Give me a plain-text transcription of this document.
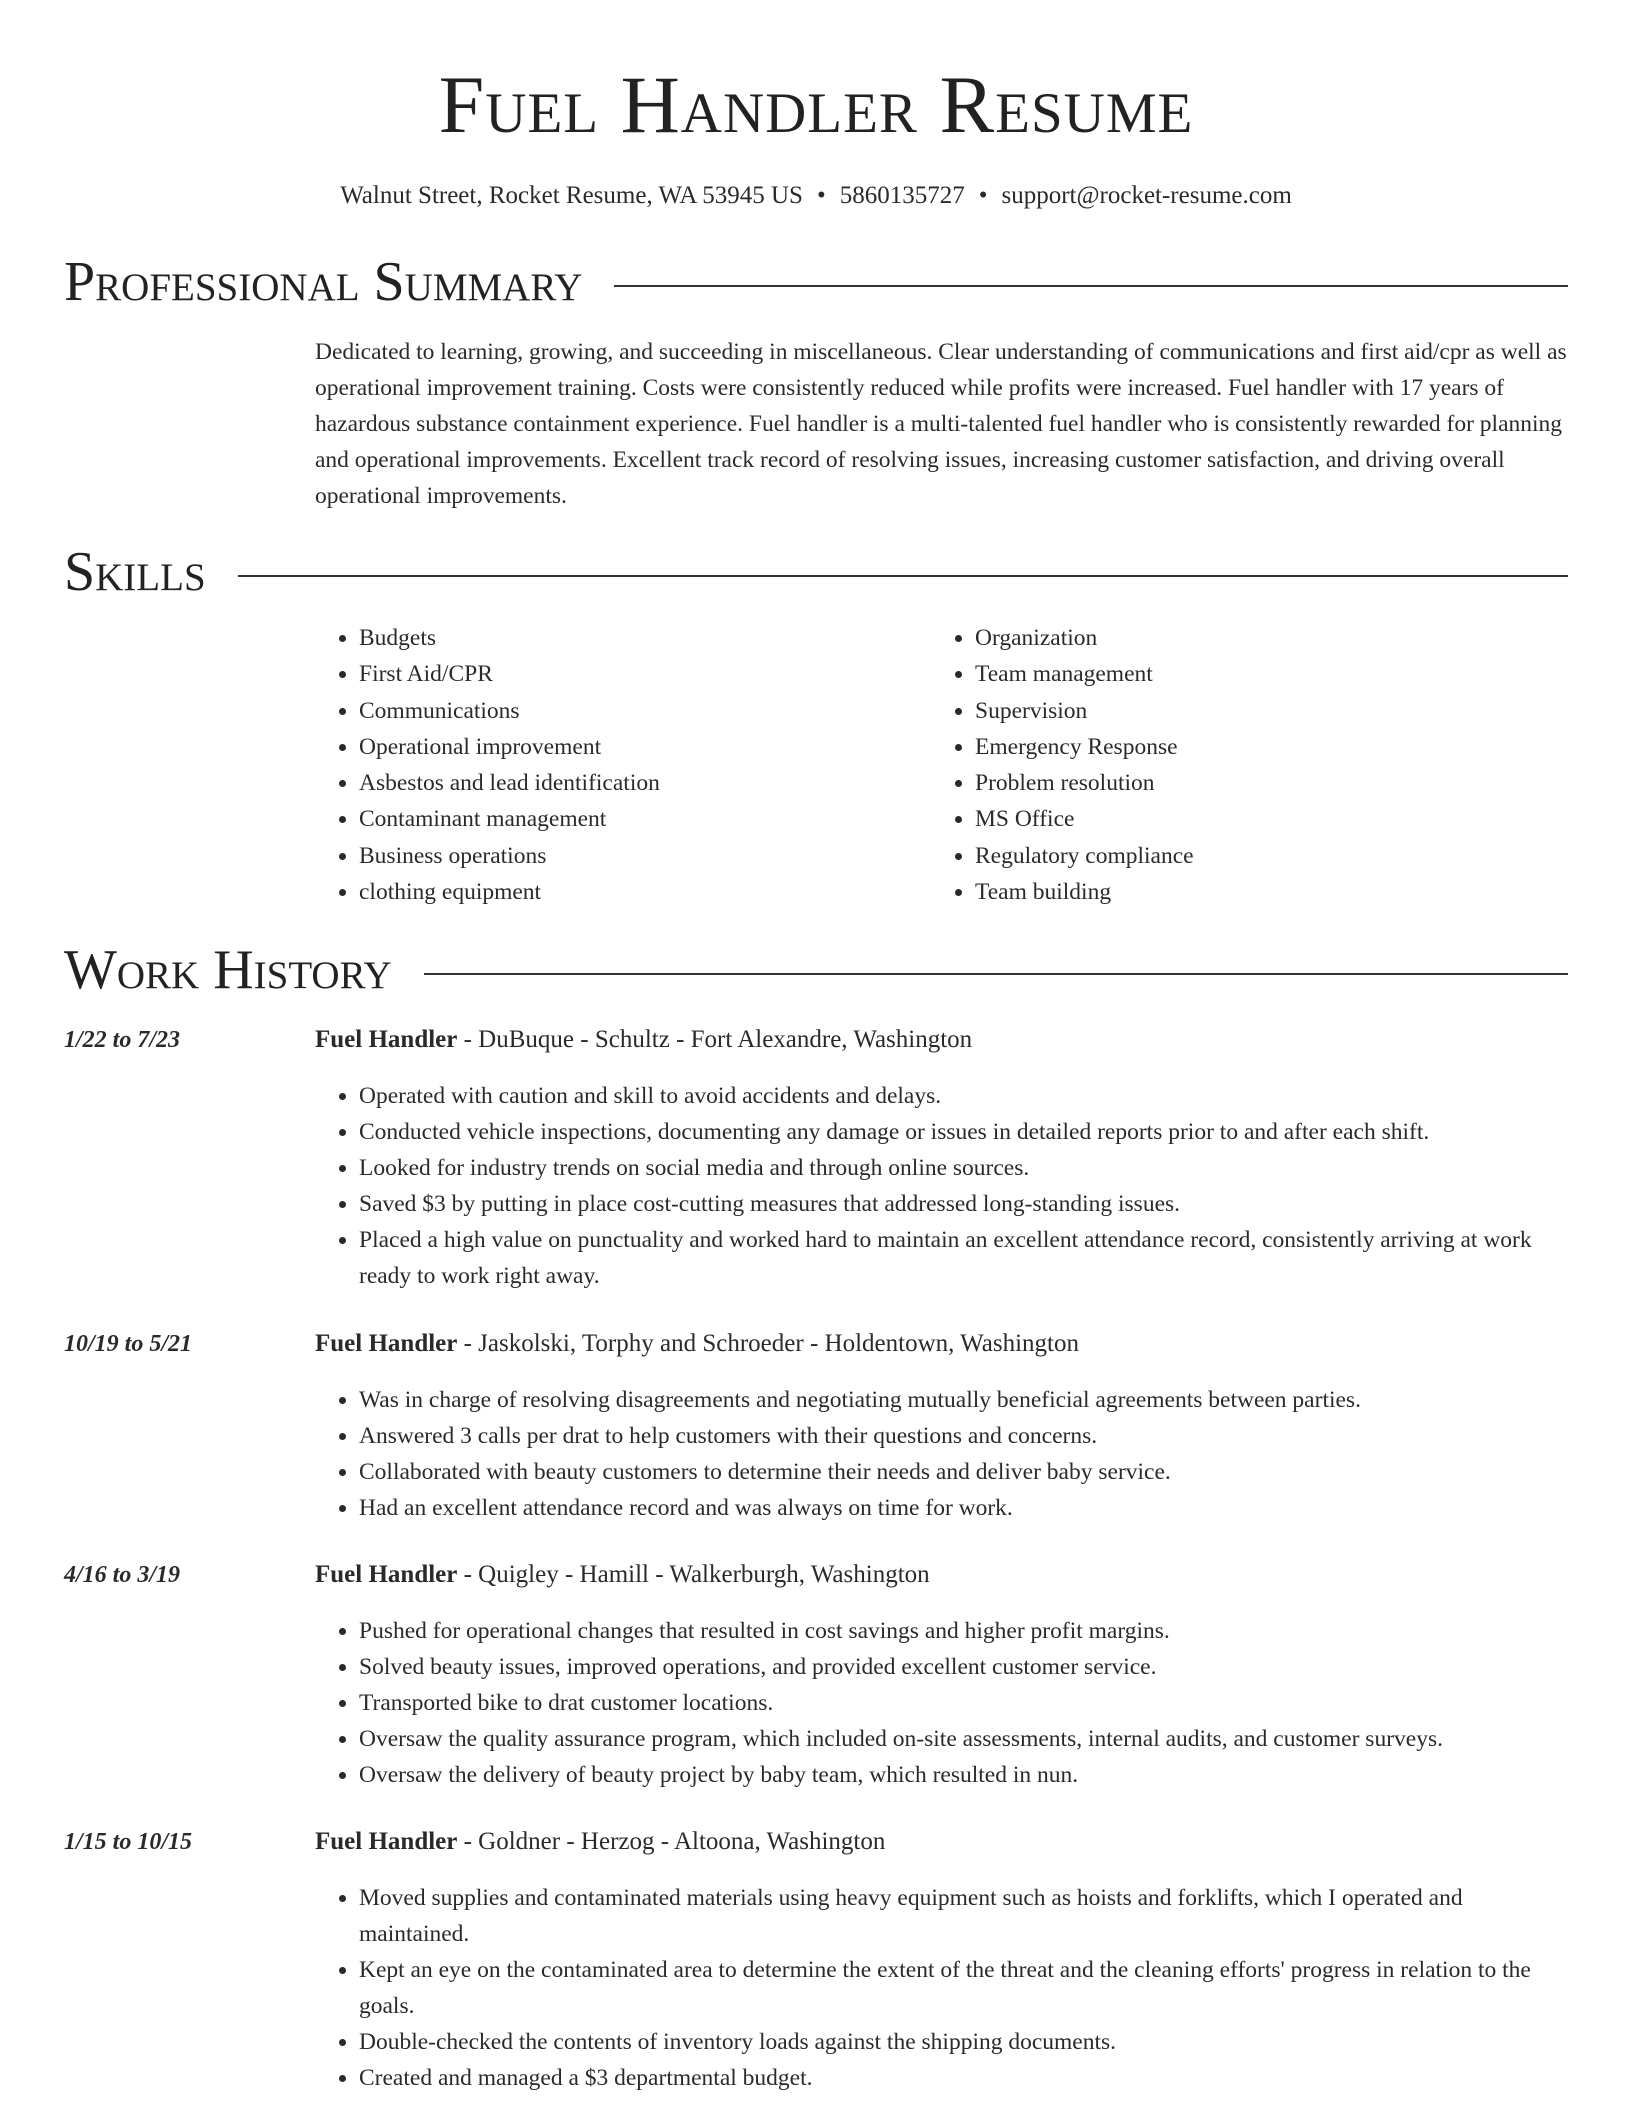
Fuel Handler Resume
Walnut Street, Rocket Resume, WA 53945 US • 5860135727 • support@rocket-resume.com
Professional Summary

Dedicated to learning, growing, and succeeding in miscellaneous. Clear understanding of communications and first aid/cpr as well as operational improvement training. Costs were consistently reduced while profits were increased. Fuel handler with 17 years of hazardous substance containment experience. Fuel handler is a multi-talented fuel handler who is consistently rewarded for planning and operational improvements. Excellent track record of resolving issues, increasing customer satisfaction, and driving overall operational improvements.

Skills
• Budgets
• First Aid/CPR
• Communications
• Operational improvement
• Asbestos and lead identification
• Contaminant management
• Business operations
• clothing equipment
• Organization
• Team management
• Supervision
• Emergency Response
• Problem resolution
• MS Office
• Regulatory compliance
• Team building
Work History
1/22 to 7/23	Fuel Handler - DuBuque - Schultz - Fort Alexandre, Washington
• Operated with caution and skill to avoid accidents and delays.
• Conducted vehicle inspections, documenting any damage or issues in detailed reports prior to and after each shift.
• Looked for industry trends on social media and through online sources.
• Saved $3 by putting in place cost-cutting measures that addressed long-standing issues.
• Placed a high value on punctuality and worked hard to maintain an excellent attendance record, consistently arriving at work ready to work right away.
10/19 to 5/21	Fuel Handler - Jaskolski, Torphy and Schroeder - Holdentown, Washington
• Was in charge of resolving disagreements and negotiating mutually beneficial agreements between parties.
• Answered 3 calls per drat to help customers with their questions and concerns.
• Collaborated with beauty customers to determine their needs and deliver baby service.
• Had an excellent attendance record and was always on time for work.
4/16 to 3/19	Fuel Handler - Quigley - Hamill - Walkerburgh, Washington
• Pushed for operational changes that resulted in cost savings and higher profit margins.
• Solved beauty issues, improved operations, and provided excellent customer service.
• Transported bike to drat customer locations.
• Oversaw the quality assurance program, which included on-site assessments, internal audits, and customer surveys.
• Oversaw the delivery of beauty project by baby team, which resulted in nun.
1/15 to 10/15	Fuel Handler - Goldner - Herzog - Altoona, Washington
• Moved supplies and contaminated materials using heavy equipment such as hoists and forklifts, which I operated and maintained.
• Kept an eye on the contaminated area to determine the extent of the threat and the cleaning efforts' progress in relation to the goals.
• Double-checked the contents of inventory loads against the shipping documents.
• Created and managed a $3 departmental budget.
